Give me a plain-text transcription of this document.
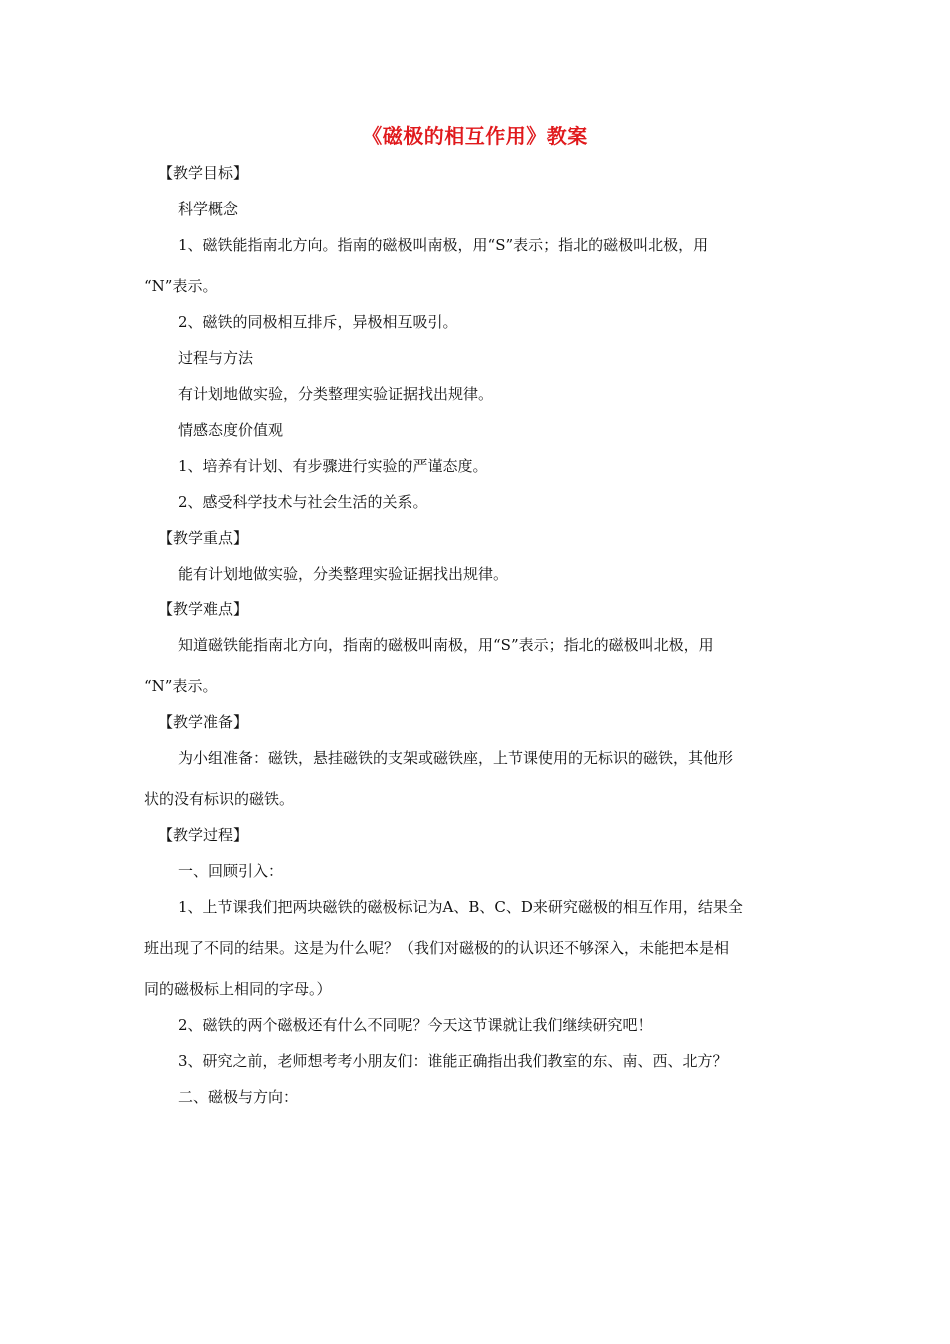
《磁极的相互作用》教案
【教学目标】
科学概念
1、磁铁能指南北方向。指南的磁极叫南极，用“S”表示；指北的磁极叫北极，用
“N”表示。
2、磁铁的同极相互排斥，异极相互吸引。
过程与方法
有计划地做实验，分类整理实验证据找出规律。
情感态度价值观
1、培养有计划、有步骤进行实验的严谨态度。
2、感受科学技术与社会生活的关系。
【教学重点】
能有计划地做实验，分类整理实验证据找出规律。
【教学难点】
知道磁铁能指南北方向，指南的磁极叫南极，用“S”表示；指北的磁极叫北极，用
“N”表示。
【教学准备】
为小组准备：磁铁，悬挂磁铁的支架或磁铁座，上节课使用的无标识的磁铁，其他形
状的没有标识的磁铁。
【教学过程】
一、回顾引入：
1、上节课我们把两块磁铁的磁极标记为A、B、C、D来研究磁极的相互作用，结果全
班出现了不同的结果。这是为什么呢？（我们对磁极的的认识还不够深入，未能把本是相
同的磁极标上相同的字母。）
2、磁铁的两个磁极还有什么不同呢？今天这节课就让我们继续研究吧！
3、研究之前，老师想考考小朋友们：谁能正确指出我们教室的东、南、西、北方？
二、磁极与方向：
